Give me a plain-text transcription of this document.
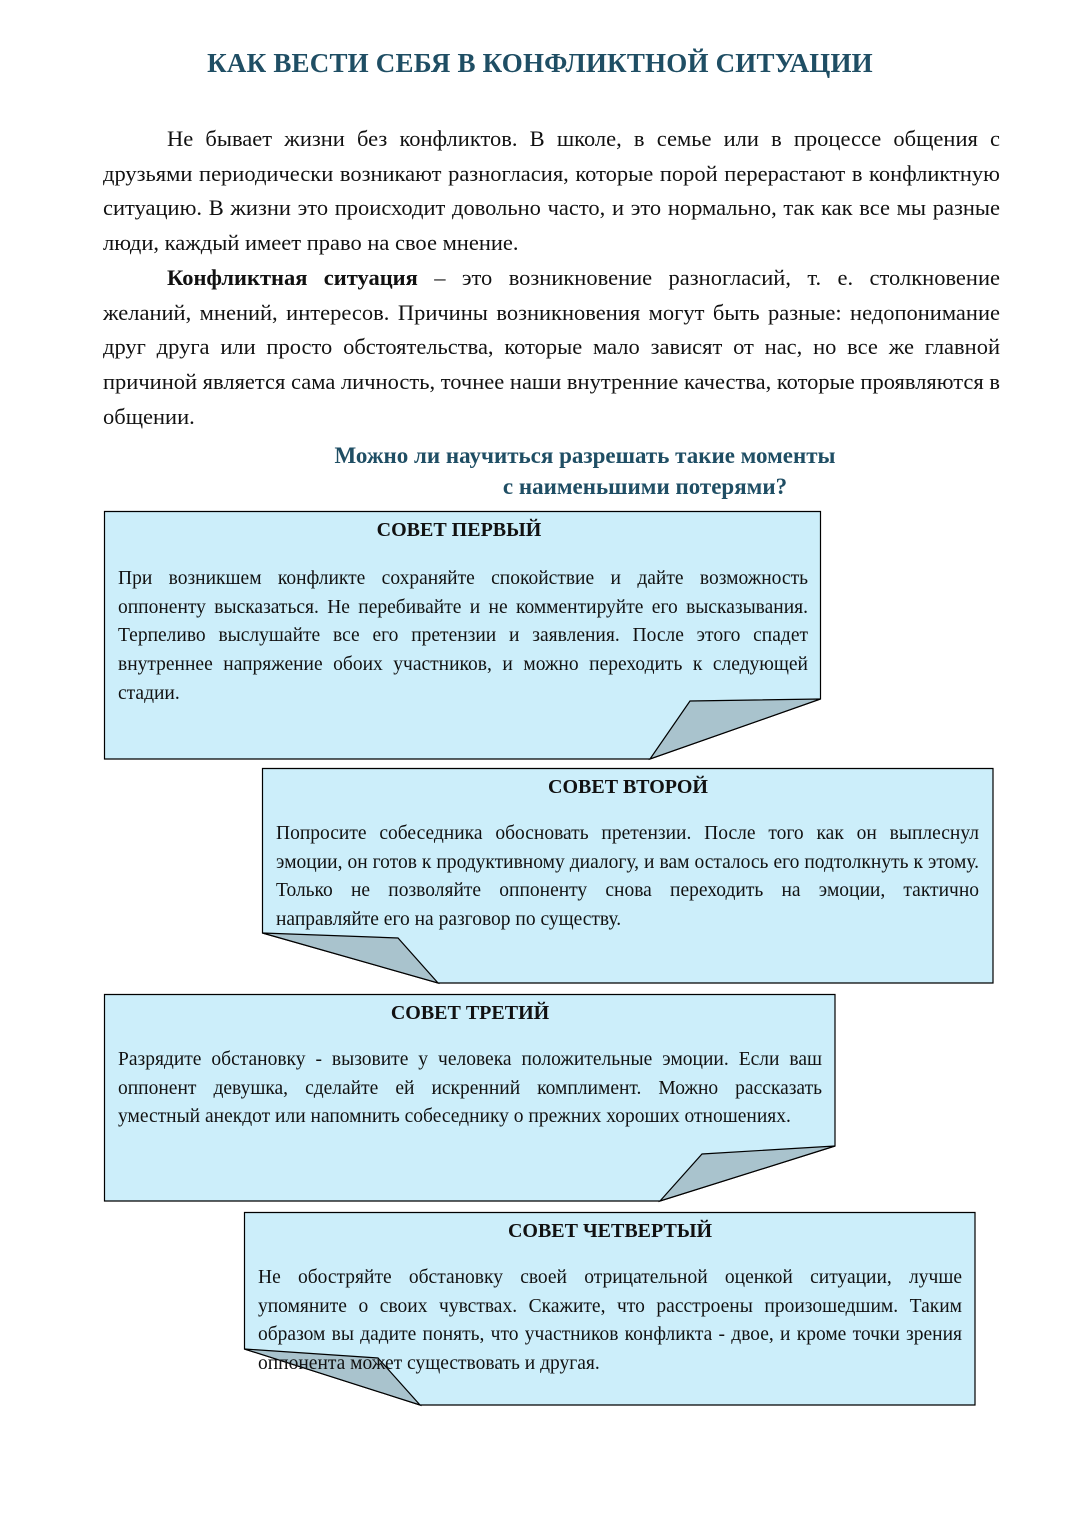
КАК ВЕСТИ СЕБЯ В КОНФЛИКТНОЙ СИТУАЦИИ

Не бывает жизни без конфликтов. В школе, в семье или в процессе общения с друзьями периодически возникают разногласия, которые порой перерастают в конфликтную ситуацию. В жизни это происходит довольно часто, и это нормально, так как все мы разные люди, каждый имеет право на свое мнение.

Конфликтная ситуация – это возникновение разногласий, т. е. столкновение желаний, мнений, интересов. Причины возникновения могут быть разные: недопонимание друг друга или просто обстоятельства, которые мало зависят от нас, но все же главной причиной является сама личность, точнее наши внутренние качества, которые проявляются в общении.

Можно ли научиться разрешать такие моменты
с наименьшими потерями?
СОВЕТ ПЕРВЫЙ
При возникшем конфликте сохраняйте спокойствие и дайте возможность оппоненту высказаться. Не перебивайте и не комментируйте его высказывания. Терпеливо выслушайте все его претензии и заявления. После этого спадет внутреннее напряжение обоих участников, и можно переходить к следующей стадии.
СОВЕТ ВТОРОЙ
Попросите собеседника обосновать претензии. После того как он выплеснул эмоции, он готов к продуктивному диалогу, и вам осталось его подтолкнуть к этому. Только не позволяйте оппоненту снова переходить на эмоции, тактично направляйте его на разговор по существу.
СОВЕТ ТРЕТИЙ
Разрядите обстановку - вызовите у человека положительные эмоции. Если ваш оппонент девушка, сделайте ей искренний комплимент. Можно рассказать уместный анекдот или напомнить собеседнику о прежних хороших отношениях.
СОВЕТ ЧЕТВЕРТЫЙ
Не обостряйте обстановку своей отрицательной оценкой ситуации, лучше упомяните о своих чувствах. Скажите, что расстроены произошедшим. Таким образом вы дадите понять, что участников конфликта - двое, и кроме точки зрения оппонента может существовать и другая.
